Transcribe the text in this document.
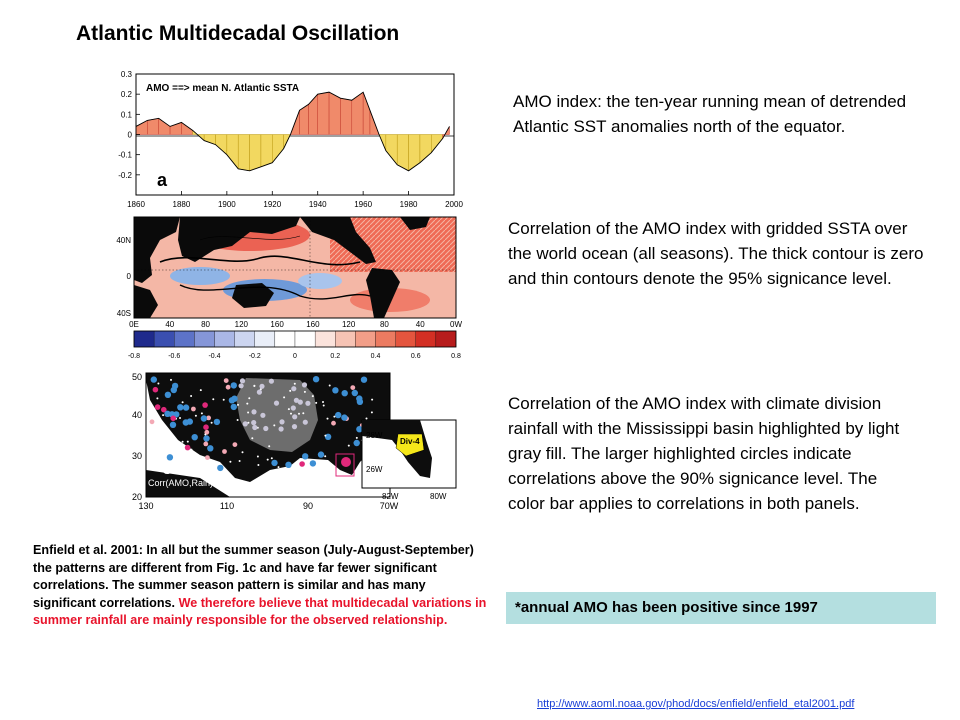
Atlantic Multidecadal Oscillation
0.3
0.2
0.1
0
-0.1
-0.2
1860	1880	1900	1920	1940	1960	1980	2000
AMO ==> mean N. Atlantic SSTA
a
40N
0
40S
0E	40	80	120	160	160	120	80	40	0W
-0.8	-0.6	-0.4	-0.2	0	0.2	0.4	0.6	0.8
c
Corr(AMO,Rain)
50
40
30
20
130	110	90	70W
Div-4
28W
26W
82W	80W
AMO index: the ten-year running mean of detrended Atlantic SST anomalies north of the equator.
Correlation of the AMO index with gridded SSTA over the world ocean (all seasons). The thick contour is zero and thin contours denote the 95% signicance level.
Correlation of the AMO index with climate division rainfall with the Mississippi basin highlighted by light gray fill. The larger highlighted circles indicate correlations above the 90% signicance level. The color bar applies to correlations in both panels.
Enfield et al. 2001: In all but the summer season (July-August-September) the patterns are different from Fig. 1c and have far fewer significant correlations. The summer season pattern is similar and has many significant correlations. We therefore believe that multidecadal variations in summer rainfall are mainly responsible for the observed relationship.
*annual AMO has been positive since 1997
http://www.aoml.noaa.gov/phod/docs/enfield/enfield_etal2001.pdf
